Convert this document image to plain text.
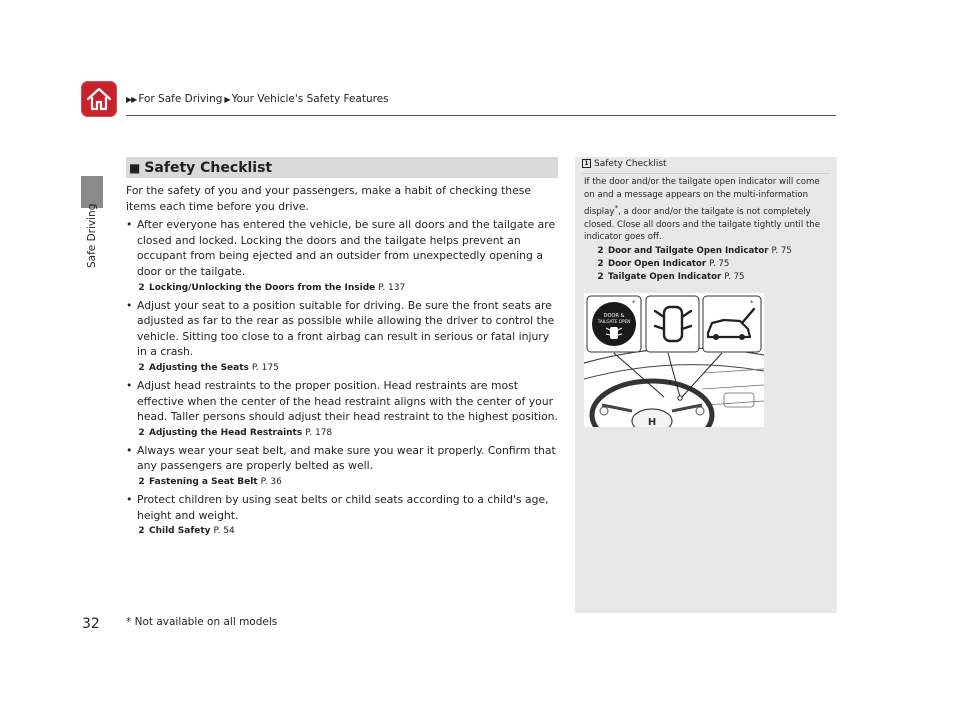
▶▶ For Safe Driving ▶ Your Vehicle's Safety Features
Safe Driving
■ Safety Checklist

For the safety of you and your passengers, make a habit of checking these items each time before you drive.

• After everyone has entered the vehicle, be sure all doors and the tailgate are closed and locked. Locking the doors and the tailgate helps prevent an occupant from being ejected and an outsider from unexpectedly opening a door or the tailgate.
2 Locking/Unlocking the Doors from the Inside P. 137
• Adjust your seat to a position suitable for driving. Be sure the front seats are adjusted as far to the rear as possible while allowing the driver to control the vehicle. Sitting too close to a front airbag can result in serious or fatal injury in a crash.
2 Adjusting the Seats P. 175
• Adjust head restraints to the proper position. Head restraints are most effective when the center of the head restraint aligns with the center of your head. Taller persons should adjust their head restraint to the highest position.
2 Adjusting the Head Restraints P. 178
• Always wear your seat belt, and make sure you wear it properly. Confirm that any passengers are properly belted as well.
2 Fastening a Seat Belt P. 36
• Protect children by using seat belts or child seats according to a child's age, height and weight.
2 Child Safety P. 54
1 Safety Checklist

If the door and/or the tailgate open indicator will come on and a message appears on the multi-information display*, a door and/or the tailgate is not completely closed. Close all doors and the tailgate tightly until the indicator goes off.

2 Door and Tailgate Open Indicator P. 75
2 Door Open Indicator P. 75
2 Tailgate Open Indicator P. 75
H
DOOR &
TAILGATE OPEN
*	*
32 * Not available on all models
